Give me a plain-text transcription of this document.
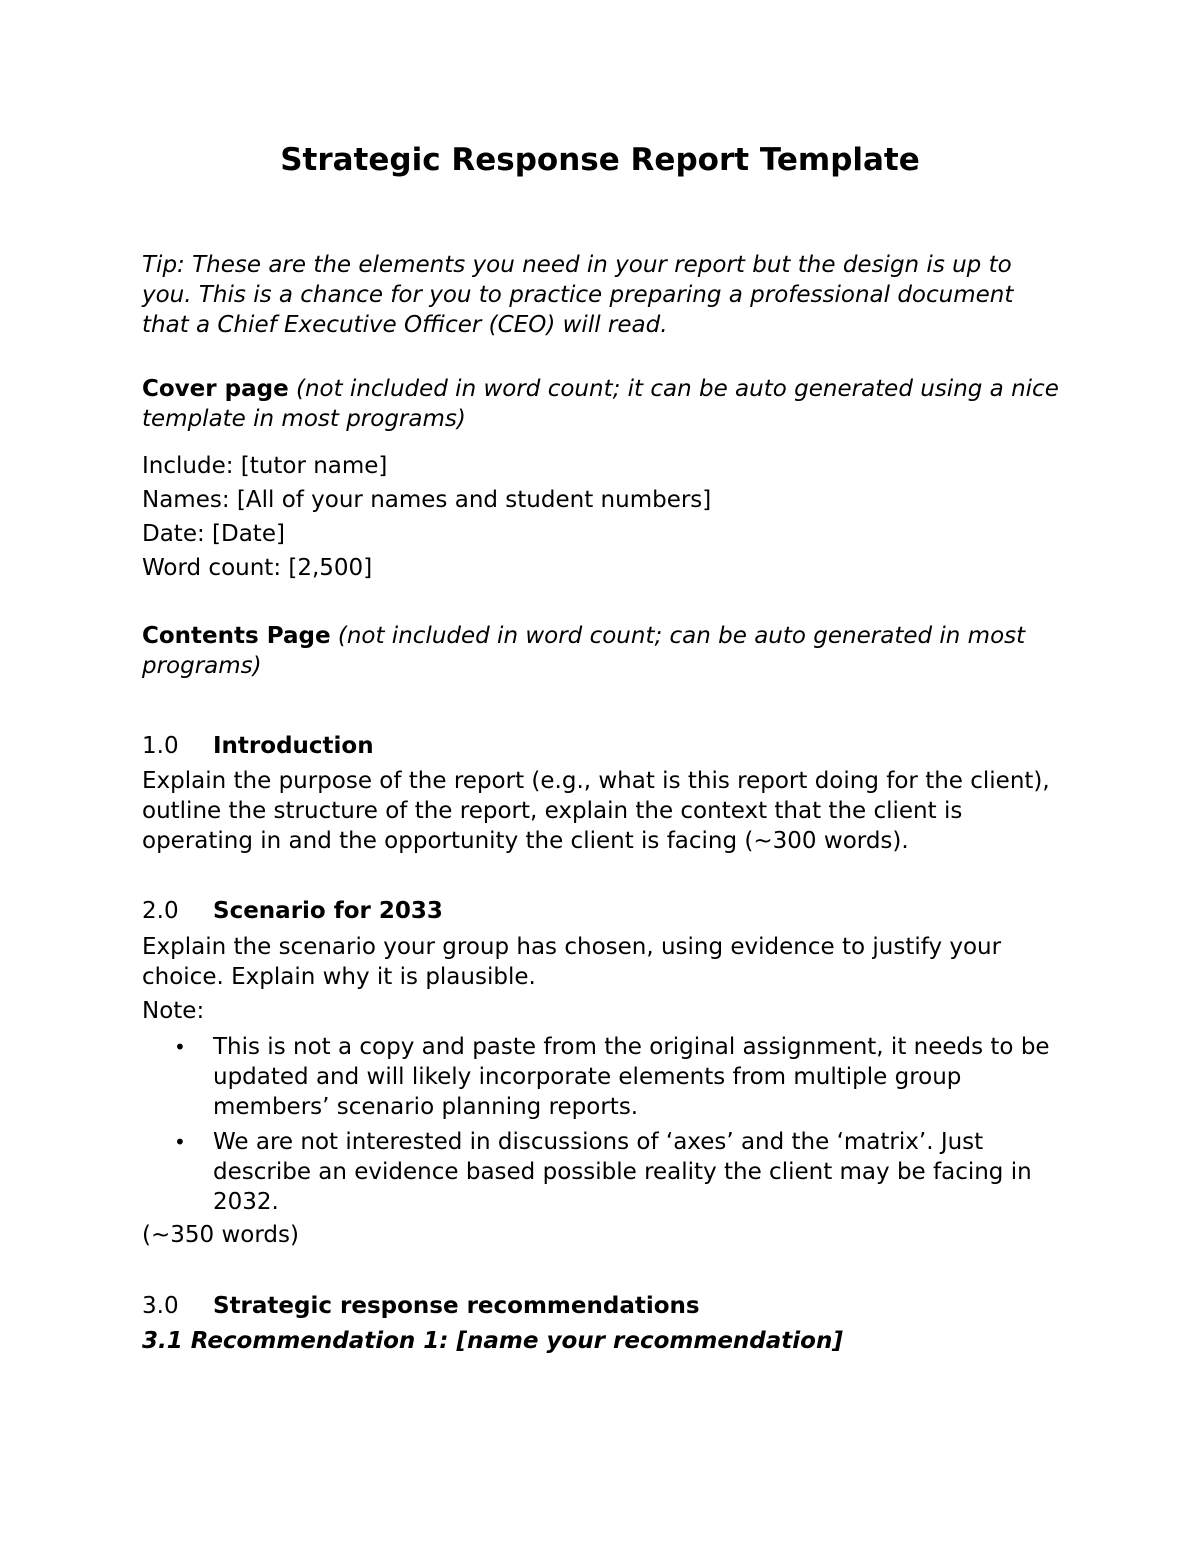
Strategic Response Report Template

Tip: These are the elements you need in your report but the design is up to you. This is a chance for you to practice preparing a professional document that a Chief Executive Officer (CEO) will read.

Cover page (not included in word count; it can be auto generated using a nice template in most programs)

Include: [tutor name]
Names: [All of your names and student numbers]
Date: [Date]
Word count: [2,500]

Contents Page (not included in word count; can be auto generated in most programs)

1.0 Introduction

Explain the purpose of the report (e.g., what is this report doing for the client), outline the structure of the report, explain the context that the client is operating in and the opportunity the client is facing (~300 words).

2.0 Scenario for 2033

Explain the scenario your group has chosen, using evidence to justify your choice. Explain why it is plausible.

Note:

• This is not a copy and paste from the original assignment, it needs to be updated and will likely incorporate elements from multiple group members’ scenario planning reports.
• We are not interested in discussions of ‘axes’ and the ‘matrix’. Just describe an evidence based possible reality the client may be facing in 2032.

(~350 words)

3.0 Strategic response recommendations

3.1 Recommendation 1: [name your recommendation]
